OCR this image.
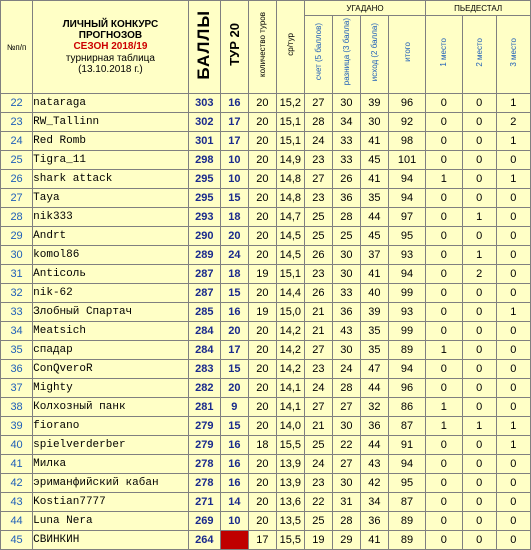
№п/п	ЛИЧНЫЙ КОНКУРС
ПРОГНОЗОВ
СЕЗОН 2018/19
турнирная таблица
(13.10.2018 г.)	БАЛЛЫ	ТУР 20	количество туров	ср/тур	УГАДАНО				ПЬЕДЕСТАЛ		
						счет (5 баллов)	разница (3 балла)	исход (2 балла)	итого	1 место	2 место	3 место
22	nataraga	303	16	20	15,2	27	30	39	96	0	0	1
23	RW_Tallinn	302	17	20	15,1	28	34	30	92	0	0	2
24	Red Romb	301	17	20	15,1	24	33	41	98	0	0	1
25	Tigra_11	298	10	20	14,9	23	33	45	101	0	0	0
26	shark attack	295	10	20	14,8	27	26	41	94	1	0	1
27	Taya	295	15	20	14,8	23	36	35	94	0	0	0
28	nik333	293	18	20	14,7	25	28	44	97	0	1	0
29	Andrt	290	20	20	14,5	25	25	45	95	0	0	0
30	komol86	289	24	20	14,5	26	30	37	93	0	1	0
31	Anticoль	287	18	19	15,1	23	30	41	94	0	2	0
32	nik-62	287	15	20	14,4	26	33	40	99	0	0	0
33	Злобный Спартач	285	16	19	15,0	21	36	39	93	0	0	1
34	Meatsich	284	20	20	14,2	21	43	35	99	0	0	0
35	спадар	284	17	20	14,2	27	30	35	89	1	0	0
36	ConQveroR	283	15	20	14,2	23	24	47	94	0	0	0
37	Mighty	282	20	20	14,1	24	28	44	96	0	0	0
38	Колхозный панк	281	9	20	14,1	27	27	32	86	1	0	0
39	fiorano	279	15	20	14,0	21	30	36	87	1	1	1
40	spielverderber	279	16	18	15,5	25	22	44	91	0	0	1
41	Милка	278	16	20	13,9	24	27	43	94	0	0	0
42	эриманфийский кабан	278	16	20	13,9	23	30	42	95	0	0	0
43	Kostian7777	271	14	20	13,6	22	31	34	87	0	0	0
44	Luna Nera	269	10	20	13,5	25	28	36	89	0	0	0
45	СВИНКИН	264		17	15,5	19	29	41	89	0	0	0
